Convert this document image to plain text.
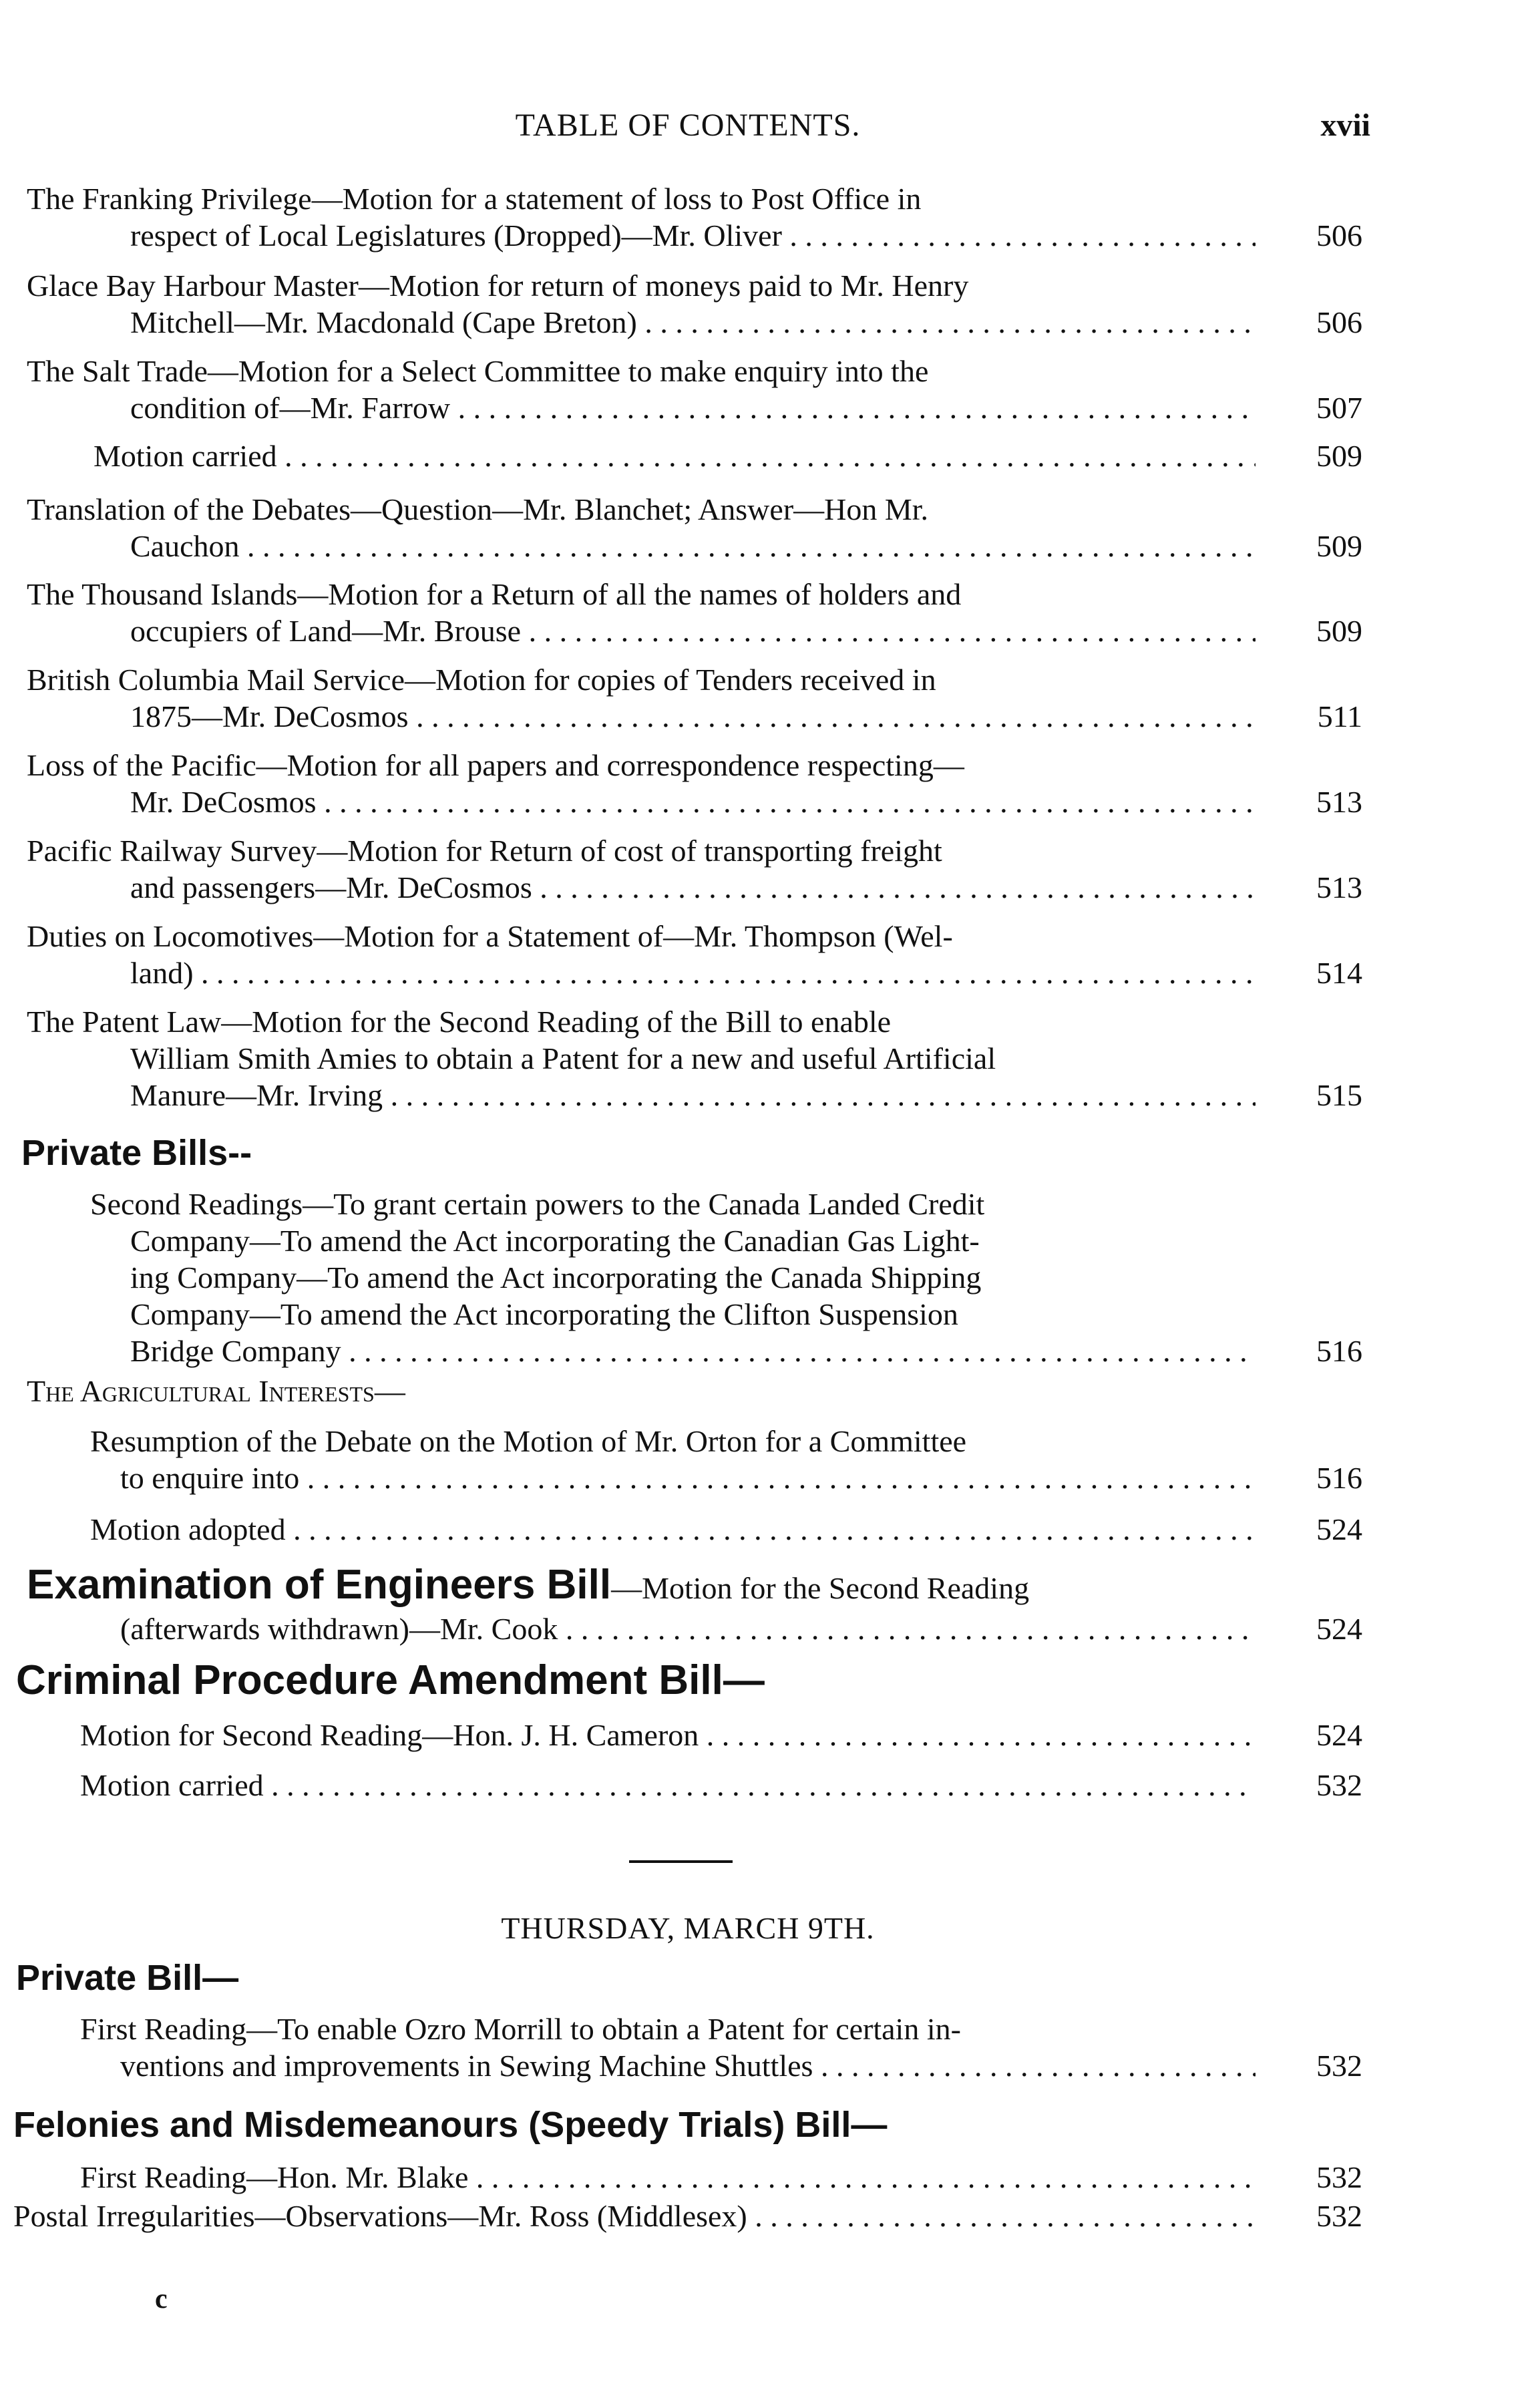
TABLE OF CONTENTS.	xvii
The Franking Privilege—Motion for a statement of loss to Post Office in
respect of Local Legislatures (Dropped)—Mr. Oliver . . .	506
Glace Bay Harbour Master—Motion for return of moneys paid to Mr. Henry
Mitchell—Mr. Macdonald (Cape Breton) . . .	506
The Salt Trade—Motion for a Select Committee to make enquiry into the
condition of—Mr. Farrow . . .	507
Motion carried . . .	509
Translation of the Debates—Question—Mr. Blanchet; Answer—Hon Mr.
Cauchon . . .	509
The Thousand Islands—Motion for a Return of all the names of holders and
occupiers of Land—Mr. Brouse . . .	509
British Columbia Mail Service—Motion for copies of Tenders received in
1875—Mr. DeCosmos . . .	511
Loss of the Pacific—Motion for all papers and correspondence respecting—
Mr. DeCosmos . . .	513
Pacific Railway Survey—Motion for Return of cost of transporting freight
and passengers—Mr. DeCosmos . . .	513
Duties on Locomotives—Motion for a Statement of—Mr. Thompson (Wel-
land) . . .	514
The Patent Law—Motion for the Second Reading of the Bill to enable
William Smith Amies to obtain a Patent for a new and useful Artificial
Manure—Mr. Irving . . .	515
Private Bills--
Second Readings—To grant certain powers to the Canada Landed Credit
Company—To amend the Act incorporating the Canadian Gas Light-
ing Company—To amend the Act incorporating the Canada Shipping
Company—To amend the Act incorporating the Clifton Suspension
Bridge Company . . .	516
The Agricultural Interests—
Resumption of the Debate on the Motion of Mr. Orton for a Committee
to enquire into . . .	516
Motion adopted . . .	524
Examination of Engineers Bill—Motion for the Second Reading
(afterwards withdrawn)—Mr. Cook . . .	524
Criminal Procedure Amendment Bill—
Motion for Second Reading—Hon. J. H. Cameron . . .	524
Motion carried . . .	532
THURSDAY, MARCH 9TH.
Private Bill—
First Reading—To enable Ozro Morrill to obtain a Patent for certain in-
ventions and improvements in Sewing Machine Shuttles . . .	532
Felonies and Misdemeanours (Speedy Trials) Bill—
First Reading—Hon. Mr. Blake . . .	532
Postal Irregularities—Observations—Mr. Ross (Middlesex) . . .	532
c
